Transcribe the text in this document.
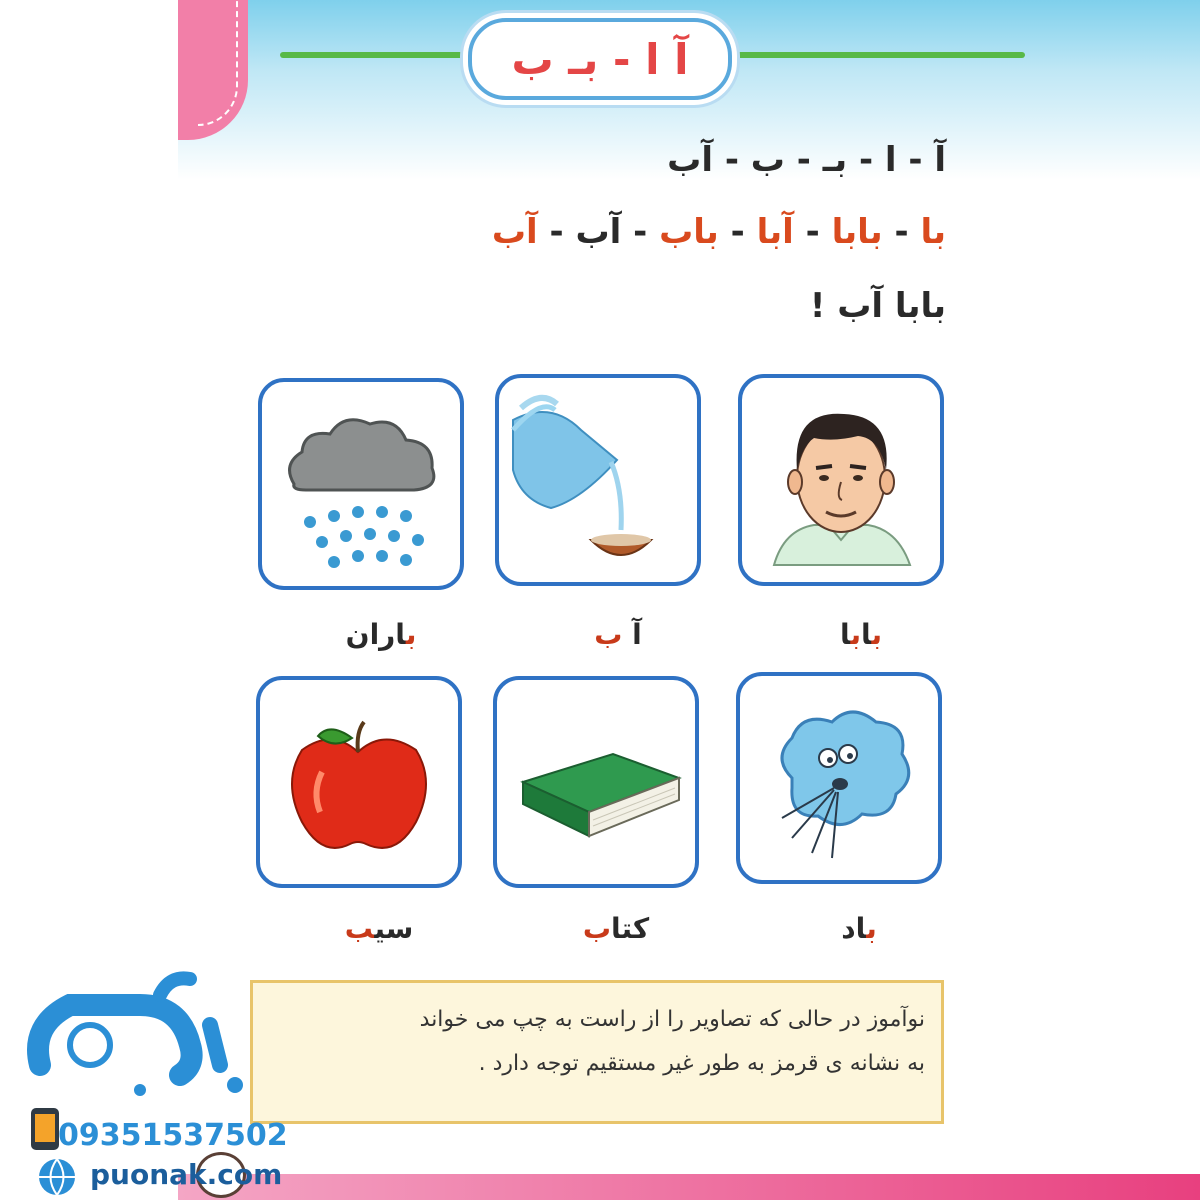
آ ا - بـ ب
آ - ا - بـ - ب - آب
با - بابا - آبا - باب - آب - آب
بابا آب !
بابا
آ ب
باران
باد
کتاب
سیب

نوآموز در حالی که تصاویر را از راست به چپ می خواند

به نشانه ی قرمز به طور غیر مستقیم توجه دارد .

09351537502
puonak.com
